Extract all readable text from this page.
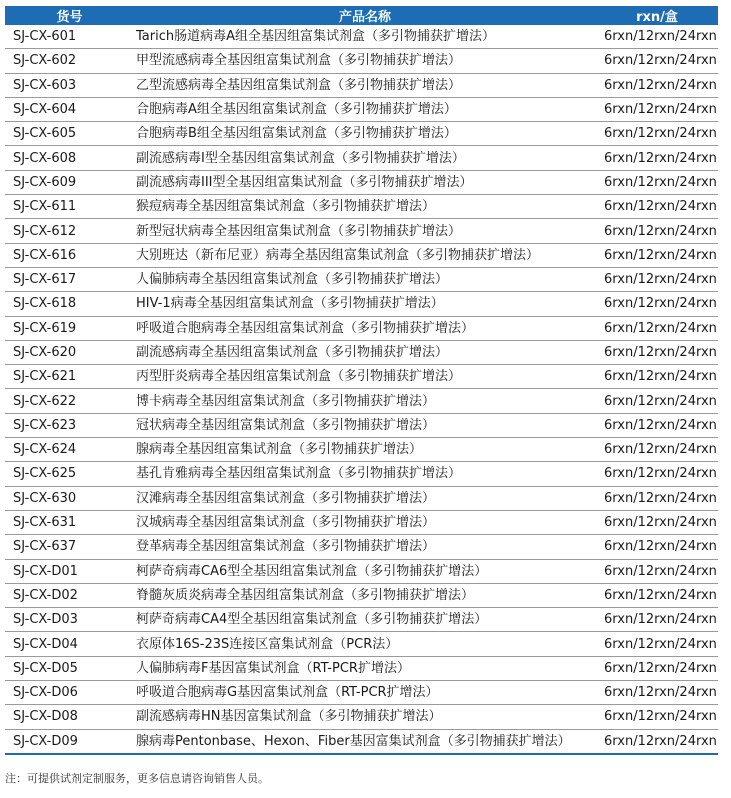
货号	产品名称	rxn/盒
SJ-CX-601	Tarich肠道病毒A组全基因组富集试剂盒（多引物捕获扩增法）	6rxn/12rxn/24rxn
SJ-CX-602	甲型流感病毒全基因组富集试剂盒（多引物捕获扩增法）	6rxn/12rxn/24rxn
SJ-CX-603	乙型流感病毒全基因组富集试剂盒（多引物捕获扩增法）	6rxn/12rxn/24rxn
SJ-CX-604	合胞病毒A组全基因组富集试剂盒（多引物捕获扩增法）	6rxn/12rxn/24rxn
SJ-CX-605	合胞病毒B组全基因组富集试剂盒（多引物捕获扩增法）	6rxn/12rxn/24rxn
SJ-CX-608	副流感病毒I型全基因组富集试剂盒（多引物捕获扩增法）	6rxn/12rxn/24rxn
SJ-CX-609	副流感病毒III型全基因组富集试剂盒（多引物捕获扩增法）	6rxn/12rxn/24rxn
SJ-CX-611	猴痘病毒全基因组富集试剂盒（多引物捕获扩增法）	6rxn/12rxn/24rxn
SJ-CX-612	新型冠状病毒全基因组富集试剂盒（多引物捕获扩增法）	6rxn/12rxn/24rxn
SJ-CX-616	大别班达（新布尼亚）病毒全基因组富集试剂盒（多引物捕获扩增法）	6rxn/12rxn/24rxn
SJ-CX-617	人偏肺病毒全基因组富集试剂盒（多引物捕获扩增法）	6rxn/12rxn/24rxn
SJ-CX-618	HIV-1病毒全基因组富集试剂盒（多引物捕获扩增法）	6rxn/12rxn/24rxn
SJ-CX-619	呼吸道合胞病毒全基因组富集试剂盒（多引物捕获扩增法）	6rxn/12rxn/24rxn
SJ-CX-620	副流感病毒全基因组富集试剂盒（多引物捕获扩增法）	6rxn/12rxn/24rxn
SJ-CX-621	丙型肝炎病毒全基因组富集试剂盒（多引物捕获扩增法）	6rxn/12rxn/24rxn
SJ-CX-622	博卡病毒全基因组富集试剂盒（多引物捕获扩增法）	6rxn/12rxn/24rxn
SJ-CX-623	冠状病毒全基因组富集试剂盒（多引物捕获扩增法）	6rxn/12rxn/24rxn
SJ-CX-624	腺病毒全基因组富集试剂盒（多引物捕获扩增法）	6rxn/12rxn/24rxn
SJ-CX-625	基孔肯雅病毒全基因组富集试剂盒（多引物捕获扩增法）	6rxn/12rxn/24rxn
SJ-CX-630	汉滩病毒全基因组富集试剂盒（多引物捕获扩增法）	6rxn/12rxn/24rxn
SJ-CX-631	汉城病毒全基因组富集试剂盒（多引物捕获扩增法）	6rxn/12rxn/24rxn
SJ-CX-637	登革病毒全基因组富集试剂盒（多引物捕获扩增法）	6rxn/12rxn/24rxn
SJ-CX-D01	柯萨奇病毒CA6型全基因组富集试剂盒（多引物捕获扩增法）	6rxn/12rxn/24rxn
SJ-CX-D02	脊髓灰质炎病毒全基因组富集试剂盒（多引物捕获扩增法）	6rxn/12rxn/24rxn
SJ-CX-D03	柯萨奇病毒CA4型全基因组富集试剂盒（多引物捕获扩增法）	6rxn/12rxn/24rxn
SJ-CX-D04	衣原体16S-23S连接区富集试剂盒（PCR法）	6rxn/12rxn/24rxn
SJ-CX-D05	人偏肺病毒F基因富集试剂盒（RT-PCR扩增法）	6rxn/12rxn/24rxn
SJ-CX-D06	呼吸道合胞病毒G基因富集试剂盒（RT-PCR扩增法）	6rxn/12rxn/24rxn
SJ-CX-D08	副流感病毒HN基因富集试剂盒（多引物捕获扩增法）	6rxn/12rxn/24rxn
SJ-CX-D09	腺病毒Pentonbase、Hexon、Fiber基因富集试剂盒（多引物捕获扩增法）	6rxn/12rxn/24rxn
注：可提供试剂定制服务，更多信息请咨询销售人员。
